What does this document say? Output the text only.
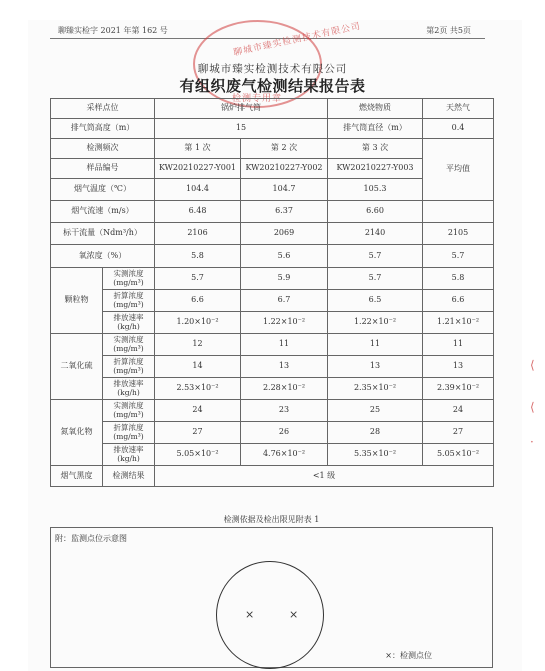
聊臻实检字 2021 年第 162 号	第2页 共5页
聊城市臻实检测技术有限公司
聊城市臻实检测技术有限公司
有组织废气检测结果报告表
检测专用章
采样点位		锅炉排气筒		燃烧物质	天然气
排气筒高度（m）		15		排气筒直径（m）	0.4
检测频次		第 1 次	第 2 次	第 3 次	平均值
样品编号		KW20210227-Y001	KW20210227-Y002	KW20210227-Y003	
烟气温度（℃）		104.4	104.7	105.3	
烟气流速（m/s）		6.48	6.37	6.60	
标干流量（Ndm³/h）		2106	2069	2140	2105
氧浓度（%）		5.8	5.6	5.7	5.7
颗粒物	实测浓度 (mg/m³)	5.7	5.9	5.7	5.8
	折算浓度 (mg/m³)	6.6	6.7	6.5	6.6
	排放速率 (kg/h)	1.20×10⁻²	1.22×10⁻²	1.22×10⁻²	1.21×10⁻²
二氧化硫	实测浓度 (mg/m³)	12	11	11	11
	折算浓度 (mg/m³)	14	13	13	13
	排放速率 (kg/h)	2.53×10⁻²	2.28×10⁻²	2.35×10⁻²	2.39×10⁻²
氮氧化物	实测浓度 (mg/m³)	24	23	25	24
	折算浓度 (mg/m³)	27	26	28	27
	排放速率 (kg/h)	5.05×10⁻²	4.76×10⁻²	5.35×10⁻²	5.05×10⁻²
烟气黑度	检测结果	<1 级			
检测依据及检出限见附表 1
附：监测点位示意图
×	×
×：检测点位
⟨
⟨
·
